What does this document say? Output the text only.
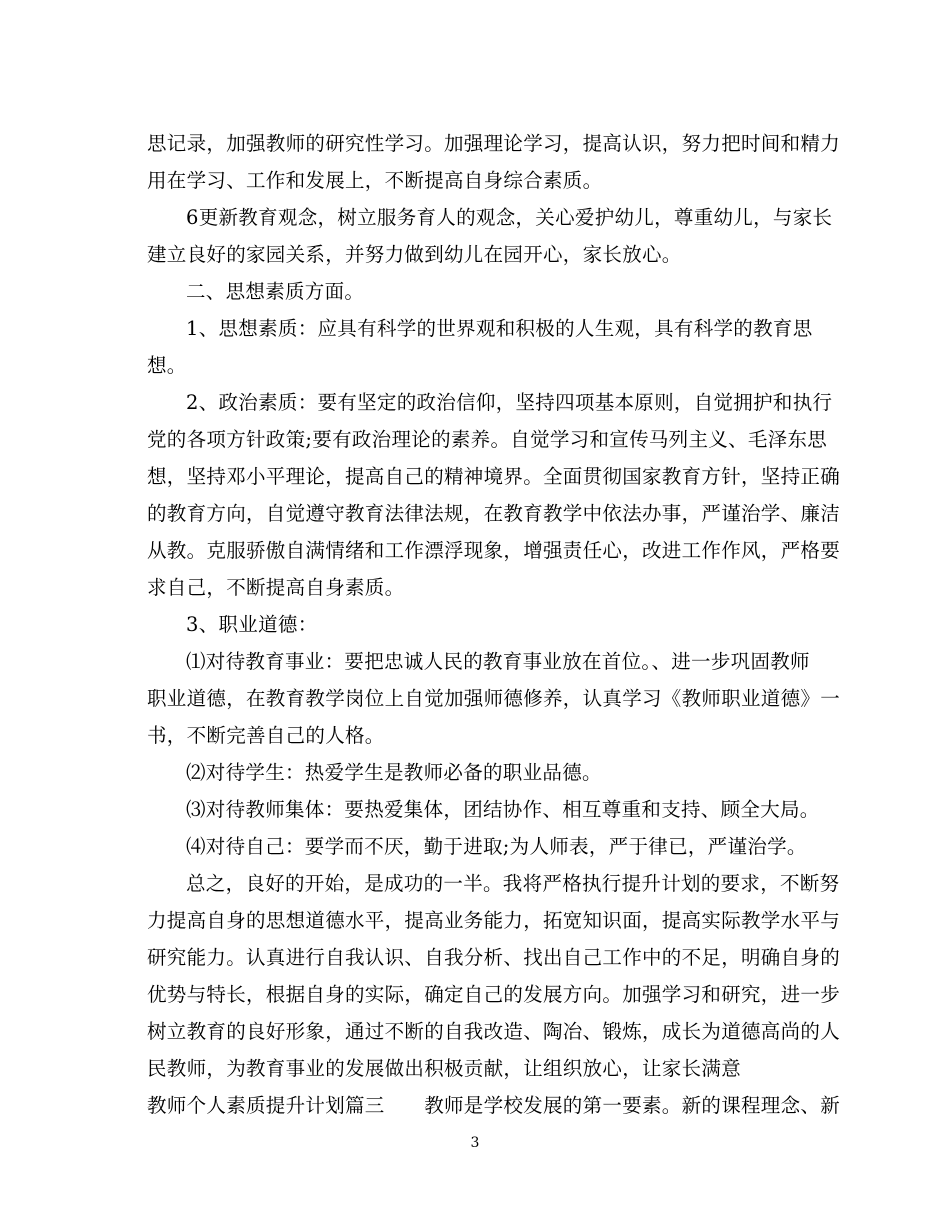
思记录，加强教师的研究性学习。加强理论学习，提高认识，努力把时间和精力
用在学习、工作和发展上，不断提高自身综合素质。
6更新教育观念，树立服务育人的观念，关心爱护幼儿，尊重幼儿，与家长
建立良好的家园关系，并努力做到幼儿在园开心，家长放心。
二、思想素质方面。
1、思想素质：应具有科学的世界观和积极的人生观，具有科学的教育思
想。
2、政治素质：要有坚定的政治信仰，坚持四项基本原则，自觉拥护和执行
党的各项方针政策;要有政治理论的素养。自觉学习和宣传马列主义、毛泽东思
想，坚持邓小平理论，提高自己的精神境界。全面贯彻国家教育方针，坚持正确
的教育方向，自觉遵守教育法律法规，在教育教学中依法办事，严谨治学、廉洁
从教。克服骄傲自满情绪和工作漂浮现象，增强责任心，改进工作作风，严格要
求自己，不断提高自身素质。
3、职业道德：
⑴对待教育事业：要把忠诚人民的教育事业放在首位。、进一步巩固教师
职业道德，在教育教学岗位上自觉加强师德修养，认真学习《教师职业道德》一
书，不断完善自己的人格。
⑵对待学生：热爱学生是教师必备的职业品德。
⑶对待教师集体：要热爱集体，团结协作、相互尊重和支持、顾全大局。
⑷对待自己：要学而不厌，勤于进取;为人师表，严于律已，严谨治学。
总之，良好的开始，是成功的一半。我将严格执行提升计划的要求，不断努
力提高自身的思想道德水平，提高业务能力，拓宽知识面，提高实际教学水平与
研究能力。认真进行自我认识、自我分析、找出自己工作中的不足，明确自身的
优势与特长，根据自身的实际，确定自己的发展方向。加强学习和研究，进一步
树立教育的良好形象，通过不断的自我改造、陶冶、锻炼，成长为道德高尚的人
民教师，为教育事业的发展做出积极贡献，让组织放心，让家长满意
教师个人素质提升计划篇三　　教师是学校发展的第一要素。新的课程理念、新
3
